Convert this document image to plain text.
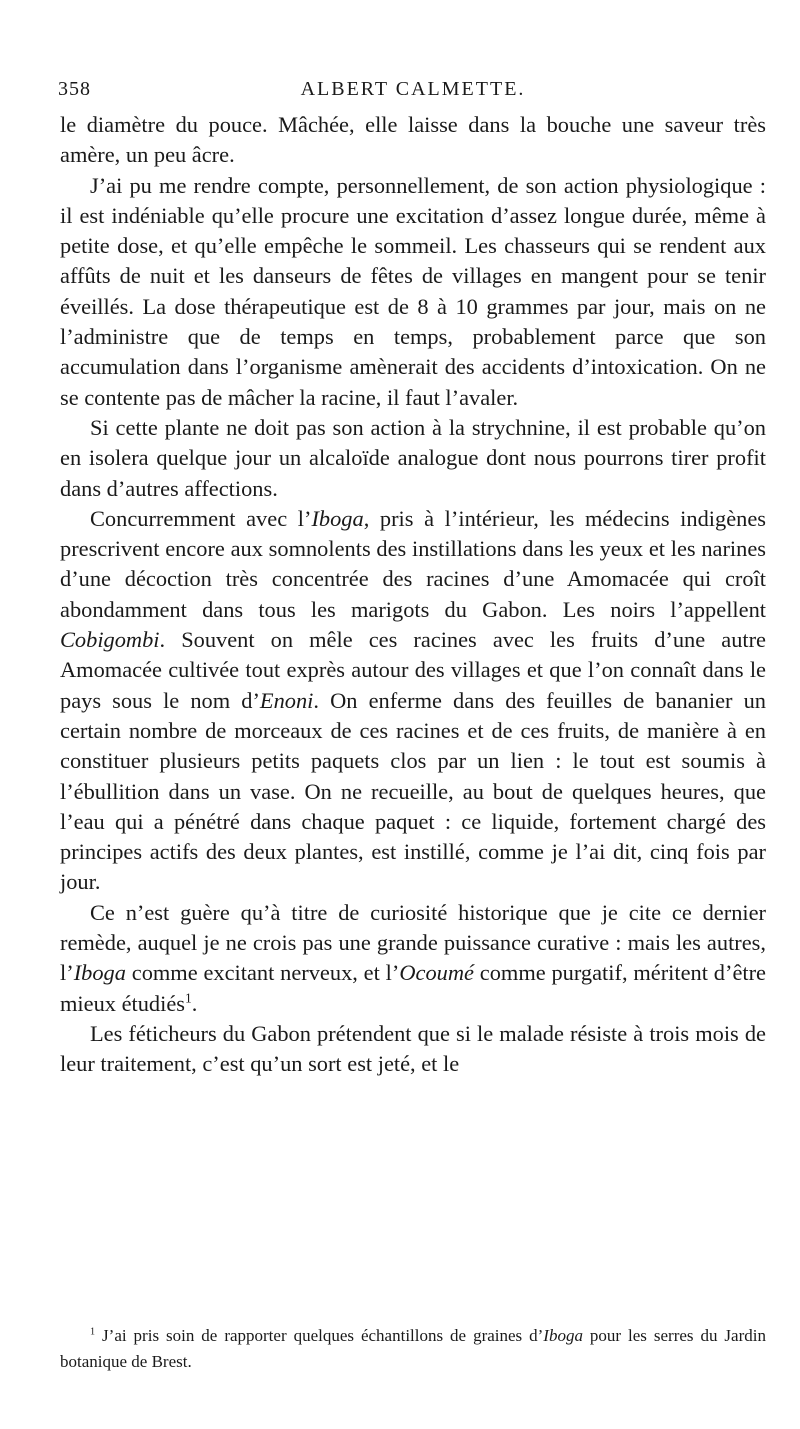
358	ALBERT CALMETTE.

le diamètre du pouce. Mâchée, elle laisse dans la bouche une saveur très amère, un peu âcre.

J’ai pu me rendre compte, personnellement, de son action physiologique : il est indéniable qu’elle procure une excitation d’assez longue durée, même à petite dose, et qu’elle empêche le sommeil. Les chasseurs qui se rendent aux affûts de nuit et les danseurs de fêtes de villages en mangent pour se tenir éveillés. La dose thérapeutique est de 8 à 10 grammes par jour, mais on ne l’administre que de temps en temps, probablement parce que son accumulation dans l’organisme amènerait des accidents d’intoxication. On ne se contente pas de mâcher la racine, il faut l’avaler.

Si cette plante ne doit pas son action à la strychnine, il est probable qu’on en isolera quelque jour un alcaloïde analogue dont nous pourrons tirer profit dans d’autres affections.

Concurremment avec l’Iboga, pris à l’intérieur, les médecins indigènes prescrivent encore aux somnolents des instillations dans les yeux et les narines d’une décoction très concentrée des racines d’une Amomacée qui croît abondamment dans tous les marigots du Gabon. Les noirs l’appellent Cobigombi. Souvent on mêle ces racines avec les fruits d’une autre Amomacée cultivée tout exprès autour des villages et que l’on connaît dans le pays sous le nom d’Enoni. On enferme dans des feuilles de bananier un certain nombre de morceaux de ces racines et de ces fruits, de manière à en constituer plusieurs petits paquets clos par un lien : le tout est soumis à l’ébullition dans un vase. On ne recueille, au bout de quelques heures, que l’eau qui a pénétré dans chaque paquet : ce liquide, fortement chargé des principes actifs des deux plantes, est instillé, comme je l’ai dit, cinq fois par jour.

Ce n’est guère qu’à titre de curiosité historique que je cite ce dernier remède, auquel je ne crois pas une grande puissance curative : mais les autres, l’Iboga comme excitant nerveux, et l’Ocoumé comme purgatif, méritent d’être mieux étudiés$^1$.

Les féticheurs du Gabon prétendent que si le malade résiste à trois mois de leur traitement, c’est qu’un sort est jeté, et le

$^1$ J’ai pris soin de rapporter quelques échantillons de graines d’Iboga pour les serres du Jardin botanique de Brest.
